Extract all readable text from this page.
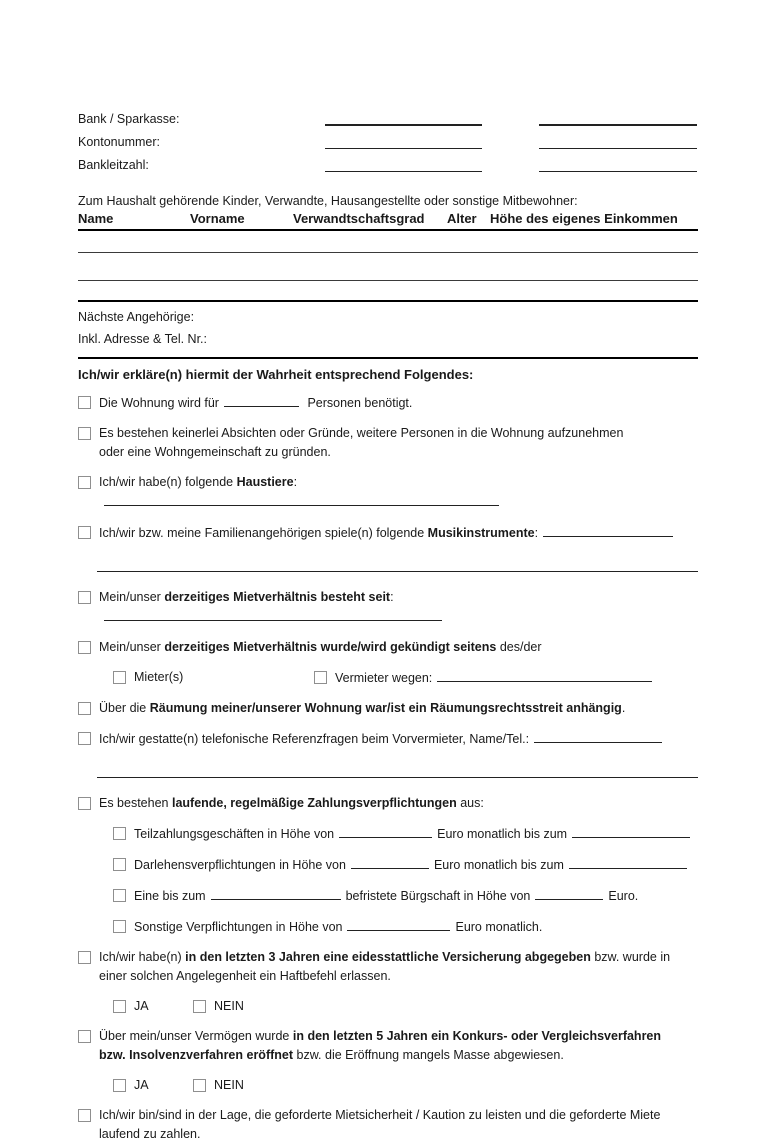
Bank / Sparkasse:
Kontonummer:
Bankleitzahl:
Zum Haushalt gehörende Kinder, Verwandte, Hausangestellte oder sonstige Mitbewohner:
Name	Vorname	Verwandtschaftsgrad	Alter	Höhe des eigenes Einkommen
Nächste Angehörige:
Inkl. Adresse & Tel. Nr.:
Ich/wir erkläre(n) hiermit der Wahrheit entsprechend Folgendes:
Die Wohnung wird für	Personen benötigt.
Es bestehen keinerlei Absichten oder Gründe, weitere Personen in die Wohnung aufzunehmen
oder eine Wohngemeinschaft zu gründen.
Ich/wir habe(n) folgende Haustiere:
Ich/wir bzw. meine Familienangehörigen spiele(n) folgende Musikinstrumente:
Mein/unser derzeitiges Mietverhältnis besteht seit:
Mein/unser derzeitiges Mietverhältnis wurde/wird gekündigt seitens des/der
Mieter(s)	Vermieter wegen:
Über die Räumung meiner/unserer Wohnung war/ist ein Räumungsrechtsstreit anhängig.
Ich/wir gestatte(n) telefonische Referenzfragen beim Vorvermieter, Name/Tel.:
Es bestehen laufende, regelmäßige Zahlungsverpflichtungen aus:
Teilzahlungsgeschäften in Höhe von	Euro monatlich bis zum
Darlehensverpflichtungen in Höhe von	Euro monatlich bis zum
Eine bis zum	befristete Bürgschaft in Höhe von	Euro.
Sonstige Verpflichtungen in Höhe von	Euro monatlich.
Ich/wir habe(n) in den letzten 3 Jahren eine eidesstattliche Versicherung abgegeben bzw. wurde in
einer solchen Angelegenheit ein Haftbefehl erlassen.
JA	NEIN
Über mein/unser Vermögen wurde in den letzten 5 Jahren ein Konkurs- oder Vergleichsverfahren
bzw. Insolvenzverfahren eröffnet bzw. die Eröffnung mangels Masse abgewiesen.
JA	NEIN
Ich/wir bin/sind in der Lage, die geforderte Mietsicherheit / Kaution zu leisten und die geforderte Miete
laufend zu zahlen.
